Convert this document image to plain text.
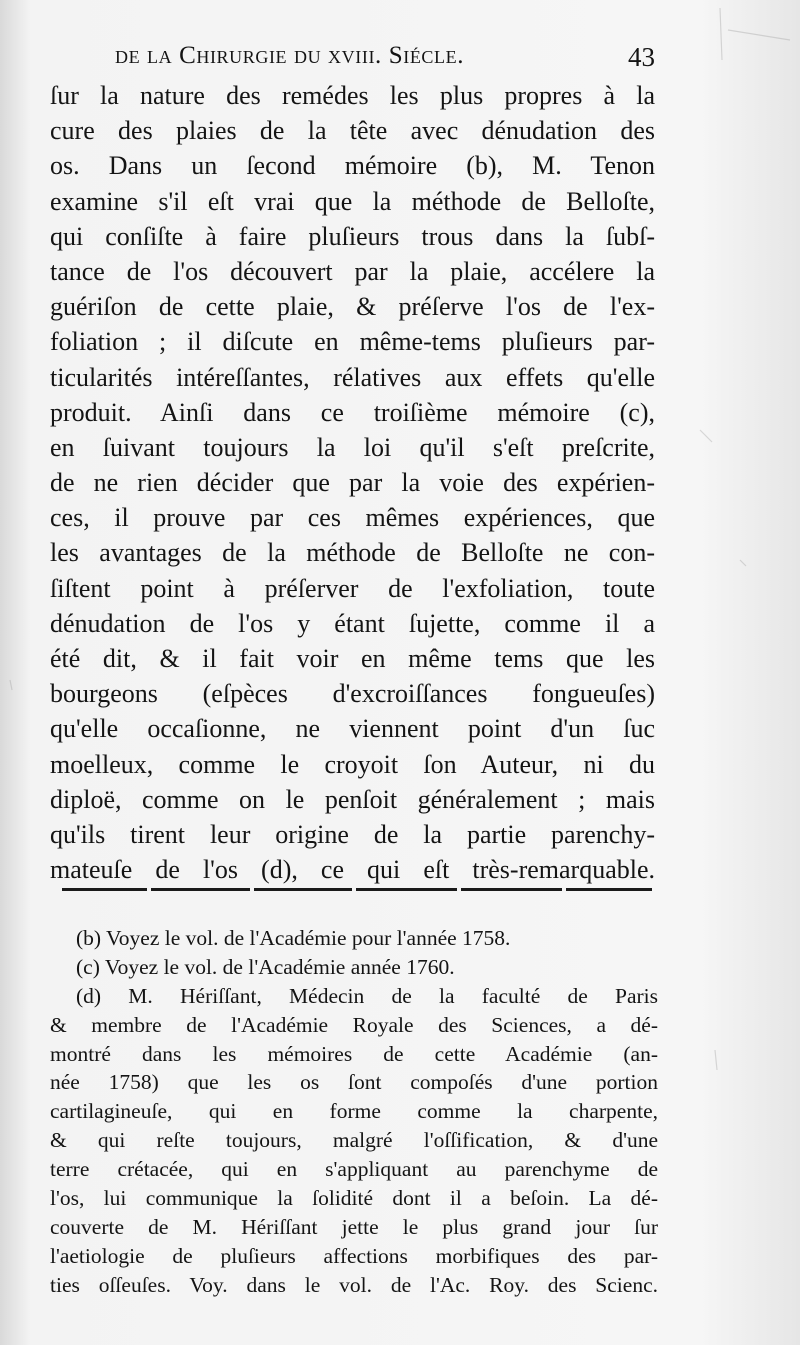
de la Chirurgie du xviii. Siécle.	43
ſur la nature des remédes les plus propres à la
cure des plaies de la tête avec dénudation des
os. Dans un ſecond mémoire (b), M. Tenon
examine s'il eſt vrai que la méthode de Belloſte,
qui conſiſte à faire pluſieurs trous dans la ſubſ-
tance de l'os découvert par la plaie, accélere la
guériſon de cette plaie, & préſerve l'os de l'ex-
foliation ; il diſcute en même-tems pluſieurs par-
ticularités intéreſſantes, rélatives aux effets qu'elle
produit. Ainſi dans ce troiſième mémoire (c),
en ſuivant toujours la loi qu'il s'eſt preſcrite,
de ne rien décider que par la voie des expérien-
ces, il prouve par ces mêmes expériences, que
les avantages de la méthode de Belloſte ne con-
ſiſtent point à préſerver de l'exfoliation, toute
dénudation de l'os y étant ſujette, comme il a
été dit, & il fait voir en même tems que les
bourgeons (eſpèces d'excroiſſances fongueuſes)
qu'elle occaſionne, ne viennent point d'un ſuc
moelleux, comme le croyoit ſon Auteur, ni du
diploë, comme on le penſoit généralement ; mais
qu'ils tirent leur origine de la partie parenchy-
mateuſe de l'os (d), ce qui eſt très-remarquable.
(b) Voyez le vol. de l'Académie pour l'année 1758.
(c) Voyez le vol. de l'Académie année 1760.
(d) M. Hériſſant, Médecin de la faculté de Paris
& membre de l'Académie Royale des Sciences, a dé-
montré dans les mémoires de cette Académie (an-
née 1758) que les os ſont compoſés d'une portion
cartilagineuſe, qui en forme comme la charpente,
& qui reſte toujours, malgré l'oſſification, & d'une
terre crétacée, qui en s'appliquant au parenchyme de
l'os, lui communique la ſolidité dont il a beſoin. La dé-
couverte de M. Hériſſant jette le plus grand jour ſur
l'aetiologie de pluſieurs affections morbifiques des par-
ties oſſeuſes. Voy. dans le vol. de l'Ac. Roy. des Scienc.
